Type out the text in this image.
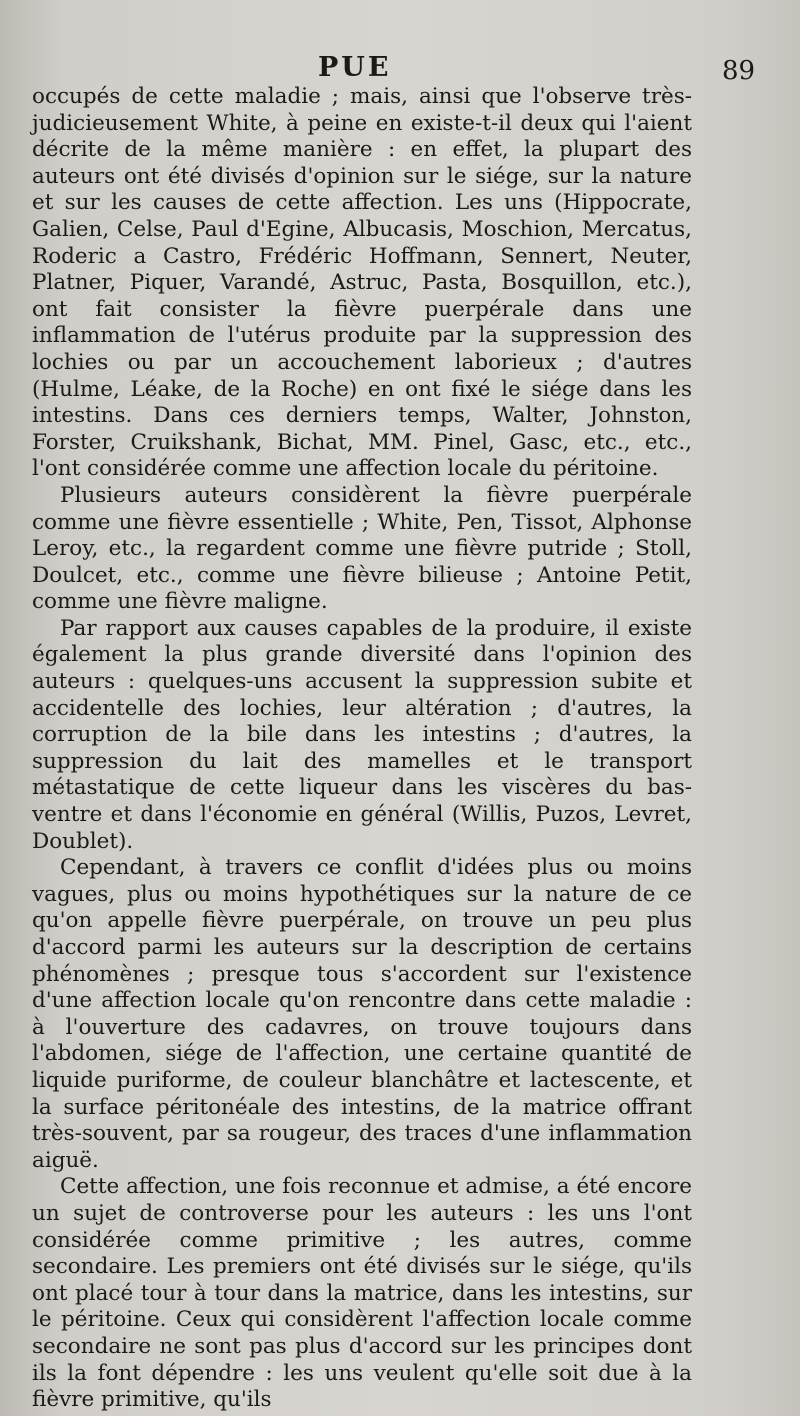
PUE	89

occupés de cette maladie ; mais, ainsi que l'observe très-judicieusement White, à peine en existe-t-il deux qui l'aient décrite de la même manière : en effet, la plupart des auteurs ont été divisés d'opinion sur le siége, sur la nature et sur les causes de cette affection. Les uns (Hippocrate, Galien, Celse, Paul d'Egine, Albucasis, Moschion, Mercatus, Roderic a Castro, Frédéric Hoffmann, Sennert, Neuter, Platner, Piquer, Varandé, Astruc, Pasta, Bosquillon, etc.), ont fait consister la fièvre puerpérale dans une inflammation de l'utérus produite par la suppression des lochies ou par un accouchement laborieux ; d'autres (Hulme, Léake, de la Roche) en ont fixé le siége dans les intestins. Dans ces derniers temps, Walter, Johnston, Forster, Cruikshank, Bichat, MM. Pinel, Gasc, etc., etc., l'ont considérée comme une affection locale du péritoine.

Plusieurs auteurs considèrent la fièvre puerpérale comme une fièvre essentielle ; White, Pen, Tissot, Alphonse Leroy, etc., la regardent comme une fièvre putride ; Stoll, Doulcet, etc., comme une fièvre bilieuse ; Antoine Petit, comme une fièvre maligne.

Par rapport aux causes capables de la produire, il existe également la plus grande diversité dans l'opinion des auteurs : quelques-uns accusent la suppression subite et accidentelle des lochies, leur altération ; d'autres, la corruption de la bile dans les intestins ; d'autres, la suppression du lait des mamelles et le transport métastatique de cette liqueur dans les viscères du bas-ventre et dans l'économie en général (Willis, Puzos, Levret, Doublet).

Cependant, à travers ce conflit d'idées plus ou moins vagues, plus ou moins hypothétiques sur la nature de ce qu'on appelle fièvre puerpérale, on trouve un peu plus d'accord parmi les auteurs sur la description de certains phénomènes ; presque tous s'accordent sur l'existence d'une affection locale qu'on rencontre dans cette maladie : à l'ouverture des cadavres, on trouve toujours dans l'abdomen, siége de l'affection, une certaine quantité de liquide puriforme, de couleur blanchâtre et lactescente, et la surface péritonéale des intestins, de la matrice offrant très-souvent, par sa rougeur, des traces d'une inflammation aiguë.

Cette affection, une fois reconnue et admise, a été encore un sujet de controverse pour les auteurs : les uns l'ont considérée comme primitive ; les autres, comme secondaire. Les premiers ont été divisés sur le siége, qu'ils ont placé tour à tour dans la matrice, dans les intestins, sur le péritoine. Ceux qui considèrent l'affection locale comme secondaire ne sont pas plus d'accord sur les principes dont ils la font dépendre : les uns veulent qu'elle soit due à la fièvre primitive, qu'ils
